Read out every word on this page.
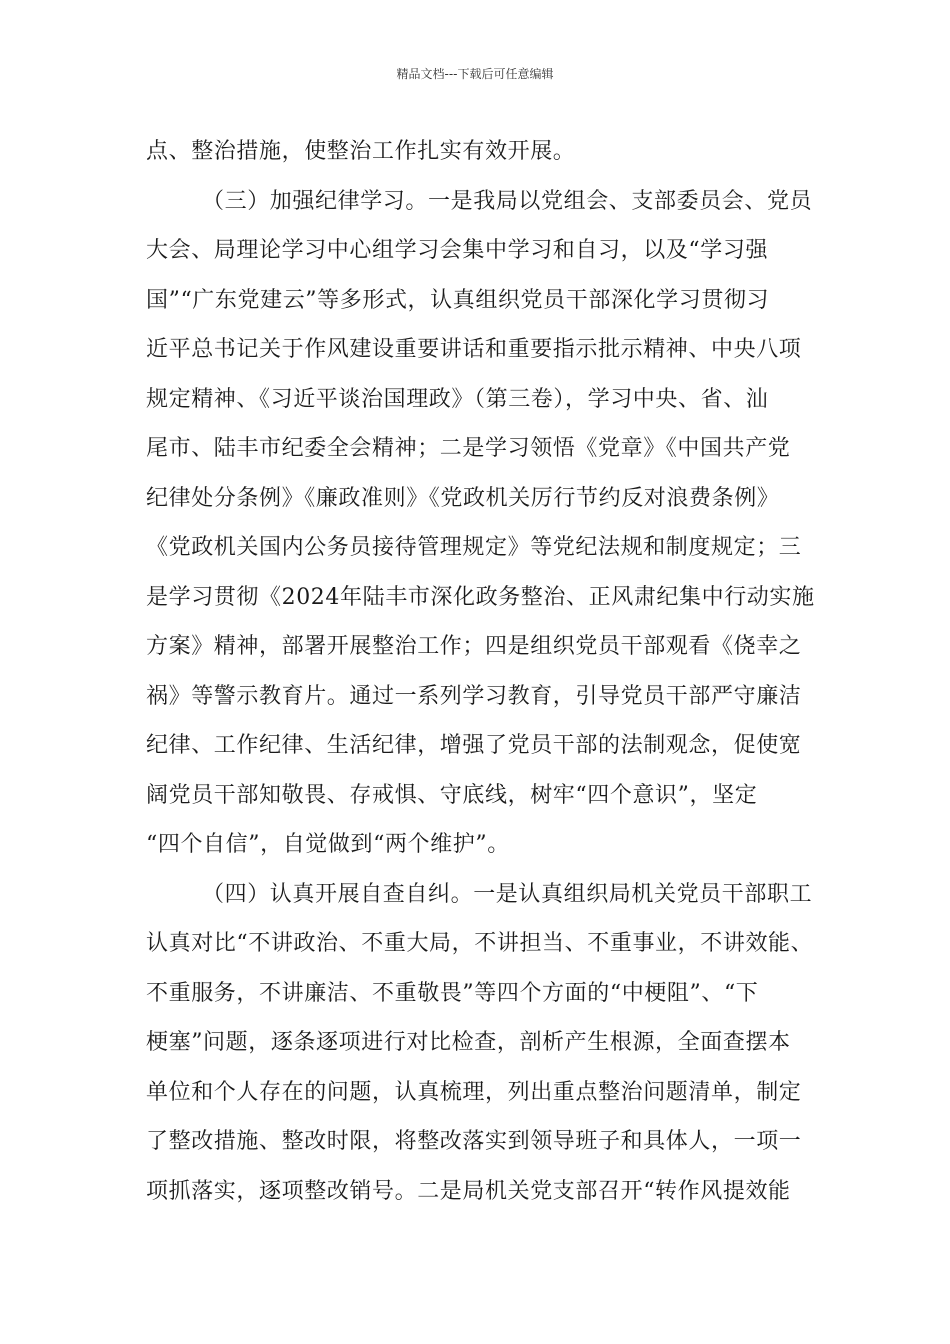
精品文档---下载后可任意编辑

点、整治措施，使整治工作扎实有效开展。

（三）加强纪律学习。一是我局以党组会、支部委员会、党员
大会、局理论学习中心组学习会集中学习和自习，以及“学习强
国”“广东党建云”等多形式，认真组织党员干部深化学习贯彻习
近平总书记关于作风建设重要讲话和重要指示批示精神、中央八项
规定精神、《习近平谈治国理政》（第三卷），学习中央、省、汕
尾市、陆丰市纪委全会精神；二是学习领悟《党章》《中国共产党
纪律处分条例》《廉政准则》《党政机关厉行节约反对浪费条例》
《党政机关国内公务员接待管理规定》等党纪法规和制度规定；三
是学习贯彻《2024年陆丰市深化政务整治、正风肃纪集中行动实施
方案》精神，部署开展整治工作；四是组织党员干部观看《侥幸之
祸》等警示教育片。通过一系列学习教育，引导党员干部严守廉洁
纪律、工作纪律、生活纪律，增强了党员干部的法制观念，促使宽
阔党员干部知敬畏、存戒惧、守底线，树牢“四个意识”，坚定
“四个自信”，自觉做到“两个维护”。

（四）认真开展自查自纠。一是认真组织局机关党员干部职工
认真对比“不讲政治、不重大局，不讲担当、不重事业，不讲效能、
不重服务，不讲廉洁、不重敬畏”等四个方面的“中梗阻”、“下
梗塞”问题，逐条逐项进行对比检查，剖析产生根源，全面查摆本
单位和个人存在的问题，认真梳理，列出重点整治问题清单，制定
了整改措施、整改时限，将整改落实到领导班子和具体人，一项一
项抓落实，逐项整改销号。二是局机关党支部召开“转作风提效能
